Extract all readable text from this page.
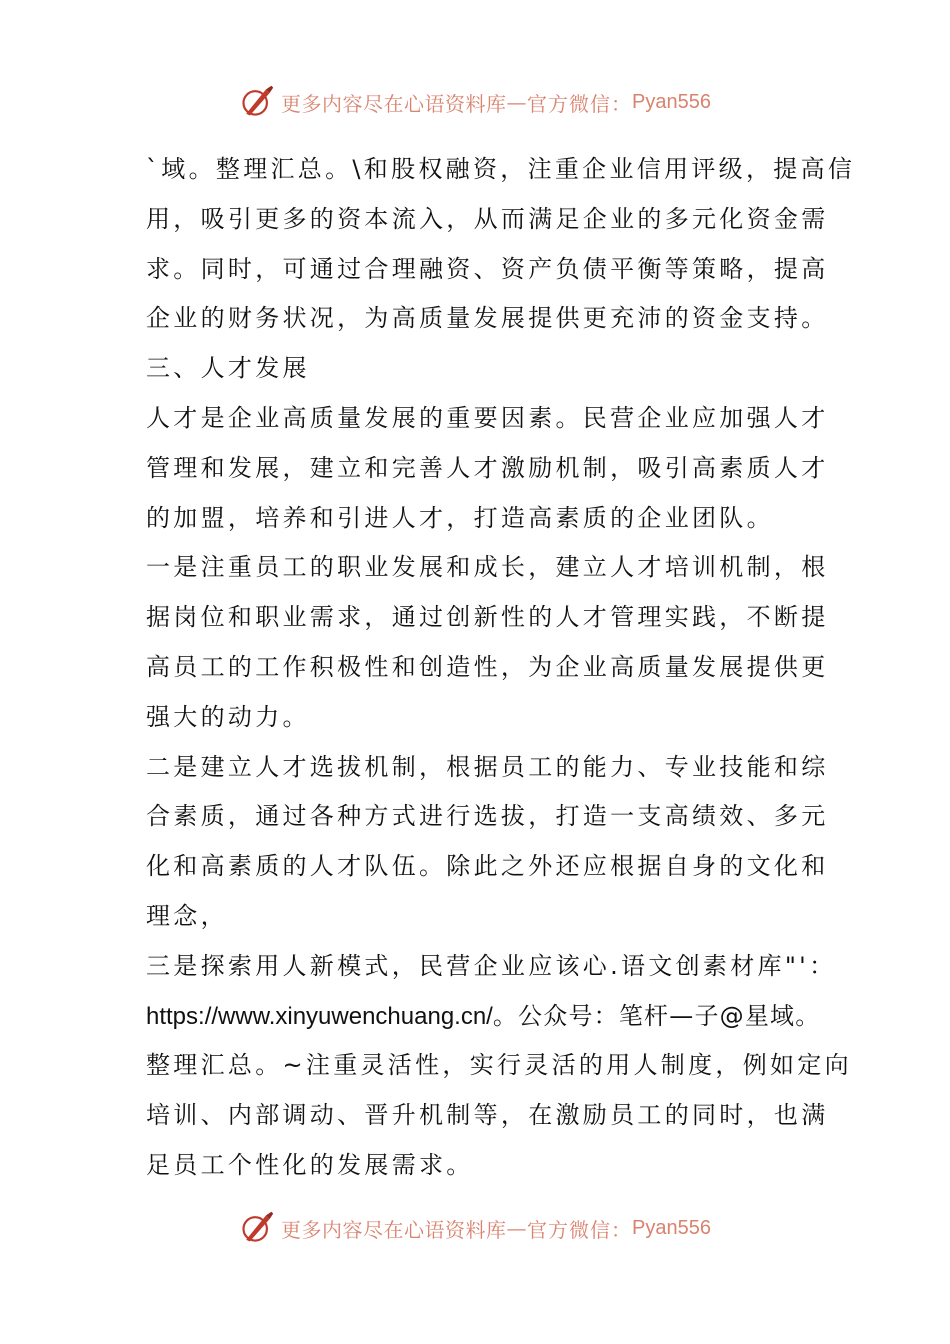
更多内容尽在心语资料库 — 官方微信： Pyan556
`域。整理汇总。\和股权融资，注重企业信用评级，提高信
用，吸引更多的资本流入，从而满足企业的多元化资金需
求。同时，可通过合理融资、资产负债平衡等策略，提高
企业的财务状况，为高质量发展提供更充沛的资金支持。
三、人才发展
人才是企业高质量发展的重要因素。民营企业应加强人才
管理和发展，建立和完善人才激励机制，吸引高素质人才
的加盟，培养和引进人才，打造高素质的企业团队。
一是注重员工的职业发展和成长，建立人才培训机制，根
据岗位和职业需求，通过创新性的人才管理实践，不断提
高员工的工作积极性和创造性，为企业高质量发展提供更
强大的动力。
二是建立人才选拔机制，根据员工的能力、专业技能和综
合素质，通过各种方式进行选拔，打造一支高绩效、多元
化和高素质的人才队伍。除此之外还应根据自身的文化和
理念，
三是探索用人新模式，民营企业应该心.语文创素材库"'：
https://www.xinyuwenchuang.cn/。公众号：笔杆—子@星域。
整理汇总。~注重灵活性，实行灵活的用人制度，例如定向
培训、内部调动、晋升机制等，在激励员工的同时，也满
足员工个性化的发展需求。
更多内容尽在心语资料库 — 官方微信： Pyan556
